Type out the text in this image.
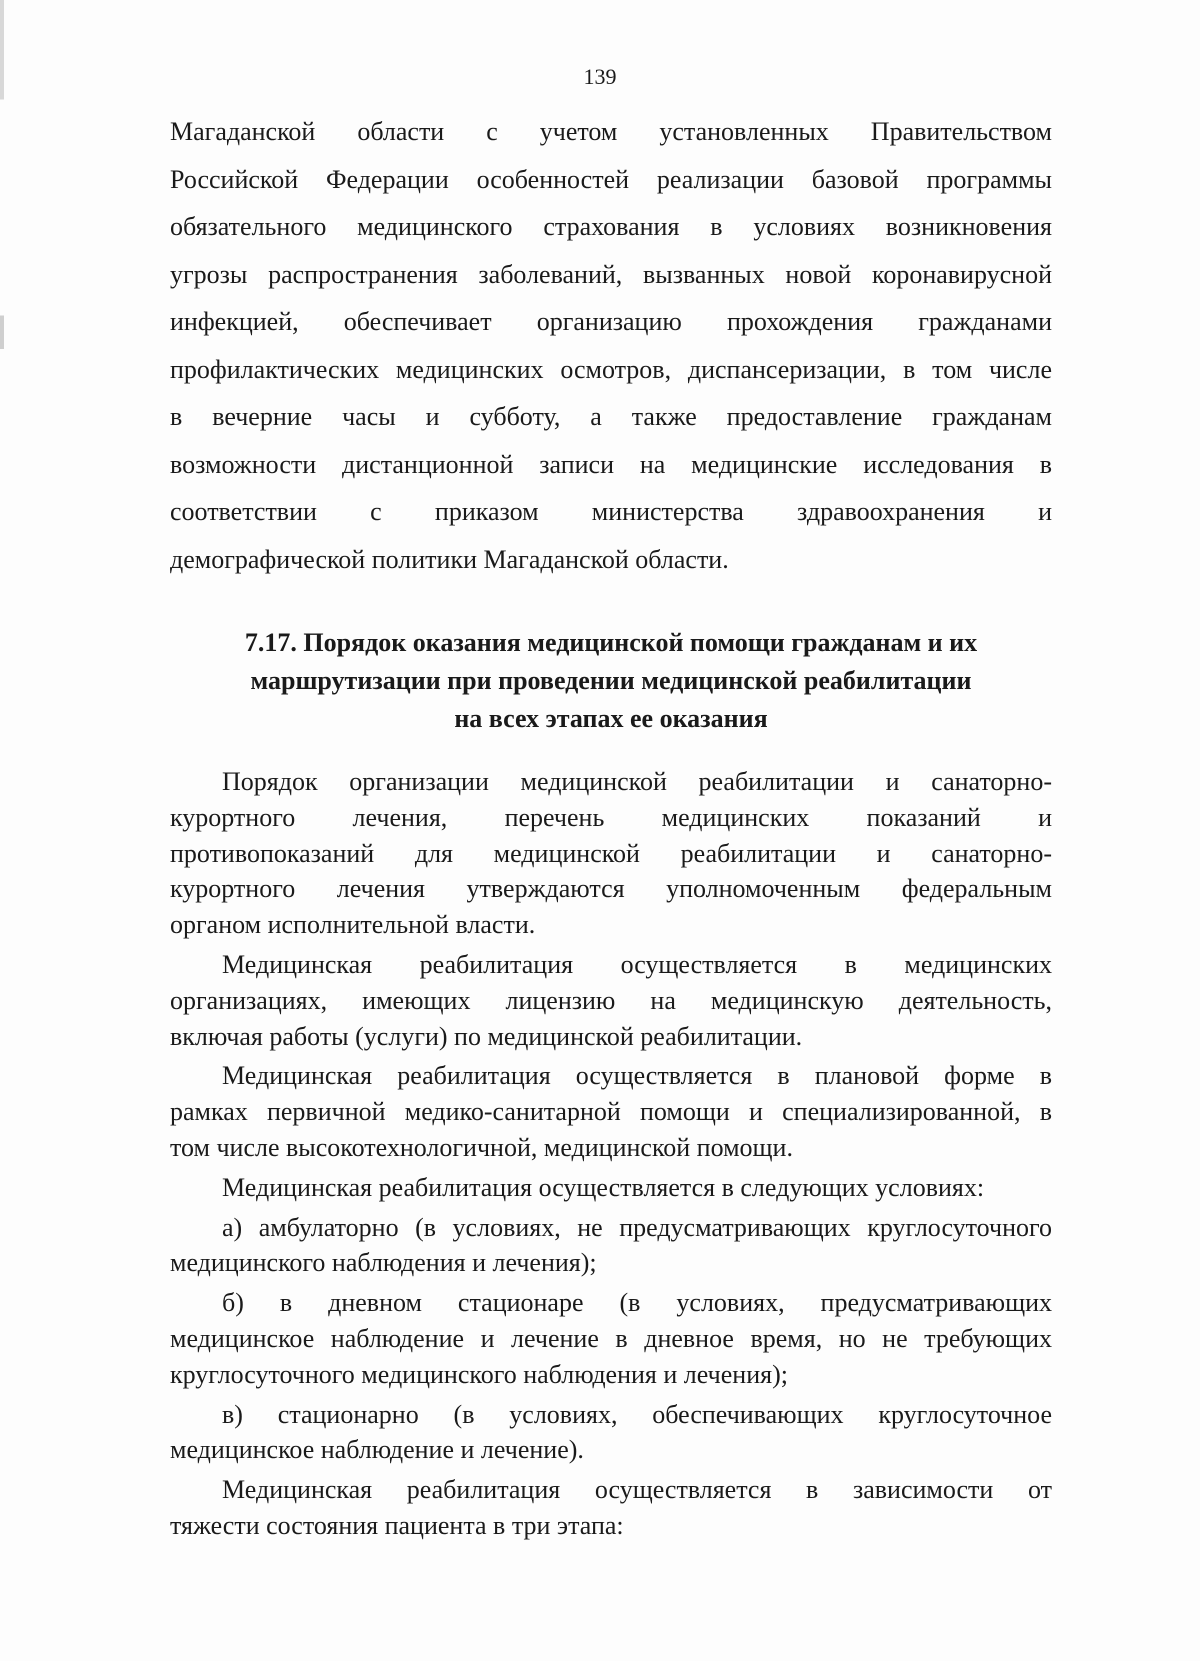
139
Магаданской области с учетом установленных Правительством
Российской Федерации особенностей реализации базовой программы
обязательного медицинского страхования в условиях возникновения
угрозы распространения заболеваний, вызванных новой коронавирусной
инфекцией, обеспечивает организацию прохождения гражданами
профилактических медицинских осмотров, диспансеризации, в том числе
в вечерние часы и субботу, а также предоставление гражданам
возможности дистанционной записи на медицинские исследования в
соответствии с приказом министерства здравоохранения и
демографической политики Магаданской области.
7.17. Порядок оказания медицинской помощи гражданам и их
маршрутизации при проведении медицинской реабилитации
на всех этапах ее оказания
Порядок организации медицинской реабилитации и санаторно-
курортного лечения, перечень медицинских показаний и
противопоказаний для медицинской реабилитации и санаторно-
курортного лечения утверждаются уполномоченным федеральным
органом исполнительной власти.
Медицинская реабилитация осуществляется в медицинских
организациях, имеющих лицензию на медицинскую деятельность,
включая работы (услуги) по медицинской реабилитации.
Медицинская реабилитация осуществляется в плановой форме в
рамках первичной медико-санитарной помощи и специализированной, в
том числе высокотехнологичной, медицинской помощи.
Медицинская реабилитация осуществляется в следующих условиях:
а) амбулаторно (в условиях, не предусматривающих круглосуточного
медицинского наблюдения и лечения);
б) в дневном стационаре (в условиях, предусматривающих
медицинское наблюдение и лечение в дневное время, но не требующих
круглосуточного медицинского наблюдения и лечения);
в) стационарно (в условиях, обеспечивающих круглосуточное
медицинское наблюдение и лечение).
Медицинская реабилитация осуществляется в зависимости от
тяжести состояния пациента в три этапа:
